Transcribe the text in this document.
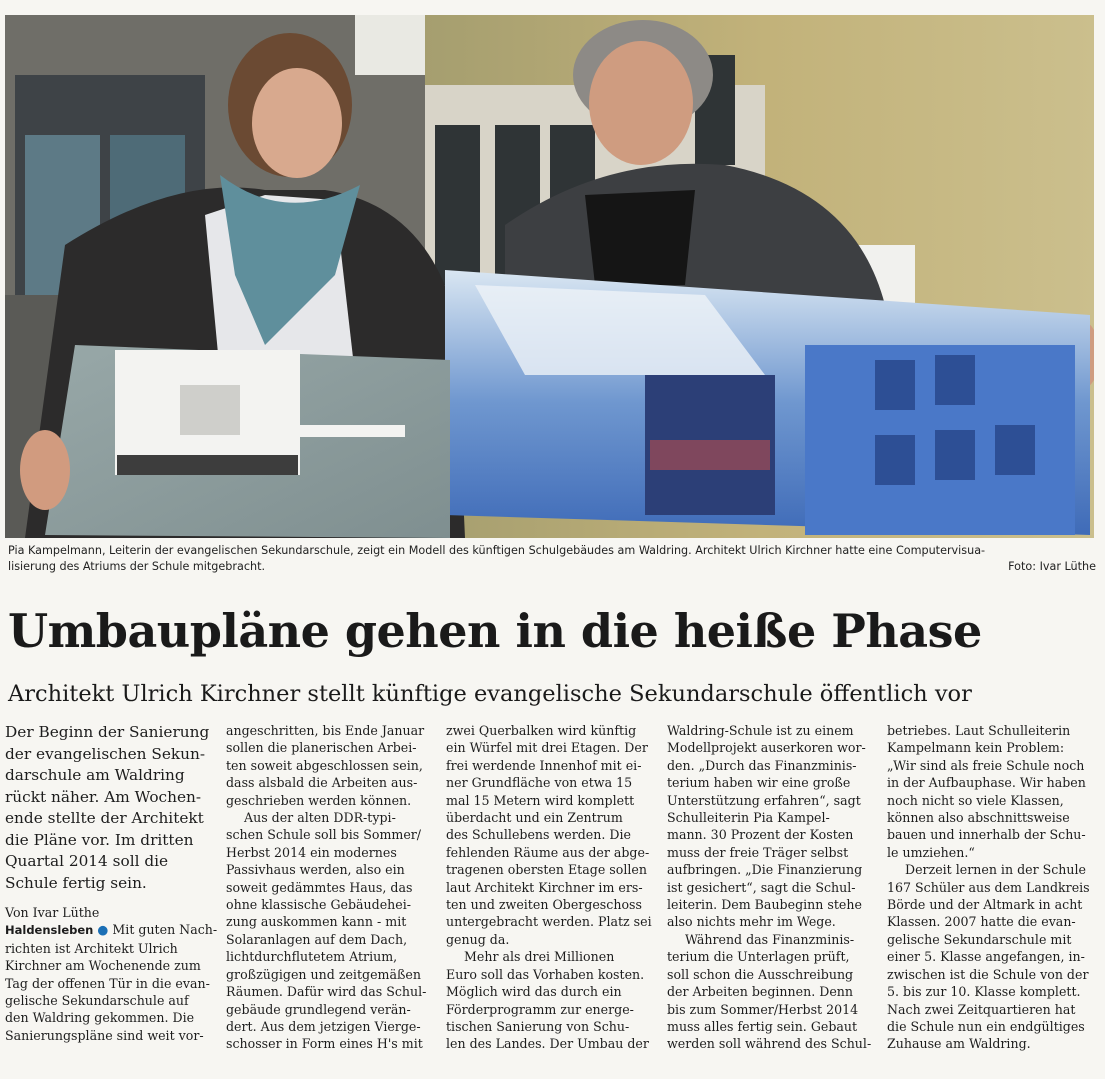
Pia Kampelmann, Leiterin der evangelischen Sekundarschule, zeigt ein Modell des künftigen Schulgebäudes am Waldring. Architekt Ulrich Kirchner hatte eine Computervisua-
lisierung des Atriums der Schule mitgebracht.	Foto: Ivar Lüthe
Umbaupläne gehen in die heiße Phase
Architekt Ulrich Kirchner stellt künftige evangelische Sekundarschule öffentlich vor
Der Beginn der Sanierung
der evangelischen Sekun-
darschule am Waldring
rückt näher. Am Wochen-
ende stellte der Architekt
die Pläne vor. Im dritten
Quartal 2014 soll die
Schule fertig sein.
Von Ivar Lüthe

Haldensleben ● Mit guten Nach-
richten ist Architekt Ulrich
Kirchner am Wochenende zum
Tag der offenen Tür in die evan-
gelische Sekundarschule auf
den Waldring gekommen. Die
Sanierungspläne sind weit vor-

angeschritten, bis Ende Januar
sollen die planerischen Arbei-
ten soweit abgeschlossen sein,
dass alsbald die Arbeiten aus-
geschrieben werden können.
Aus der alten DDR-typi-
schen Schule soll bis Sommer/
Herbst 2014 ein modernes
Passivhaus werden, also ein
soweit gedämmtes Haus, das
ohne klassische Gebäudehei-
zung auskommen kann - mit
Solaranlagen auf dem Dach,
lichtdurchflutetem Atrium,
großzügigen und zeitgemäßen
Räumen. Dafür wird das Schul-
gebäude grundlegend verän-
dert. Aus dem jetzigen Vierge-
schosser in Form eines H's mit
zwei Querbalken wird künftig
ein Würfel mit drei Etagen. Der
frei werdende Innenhof mit ei-
ner Grundfläche von etwa 15
mal 15 Metern wird komplett
überdacht und ein Zentrum
des Schullebens werden. Die
fehlenden Räume aus der abge-
tragenen obersten Etage sollen
laut Architekt Kirchner im ers-
ten und zweiten Obergeschoss
untergebracht werden. Platz sei
genug da.
Mehr als drei Millionen
Euro soll das Vorhaben kosten.
Möglich wird das durch ein
Förderprogramm zur energe-
tischen Sanierung von Schu-
len des Landes. Der Umbau der
Waldring-Schule ist zu einem
Modellprojekt auserkoren wor-
den. „Durch das Finanzminis-
terium haben wir eine große
Unterstützung erfahren“, sagt
Schulleiterin Pia Kampel-
mann. 30 Prozent der Kosten
muss der freie Träger selbst
aufbringen. „Die Finanzierung
ist gesichert“, sagt die Schul-
leiterin. Dem Baubeginn stehe
also nichts mehr im Wege.
Während das Finanzminis-
terium die Unterlagen prüft,
soll schon die Ausschreibung
der Arbeiten beginnen. Denn
bis zum Sommer/Herbst 2014
muss alles fertig sein. Gebaut
werden soll während des Schul-
betriebes. Laut Schulleiterin
Kampelmann kein Problem:
„Wir sind als freie Schule noch
in der Aufbauphase. Wir haben
noch nicht so viele Klassen,
können also abschnittsweise
bauen und innerhalb der Schu-
le umziehen.“
Derzeit lernen in der Schule
167 Schüler aus dem Landkreis
Börde und der Altmark in acht
Klassen. 2007 hatte die evan-
gelische Sekundarschule mit
einer 5. Klasse angefangen, in-
zwischen ist die Schule von der
5. bis zur 10. Klasse komplett.
Nach zwei Zeitquartieren hat
die Schule nun ein endgültiges
Zuhause am Waldring.
